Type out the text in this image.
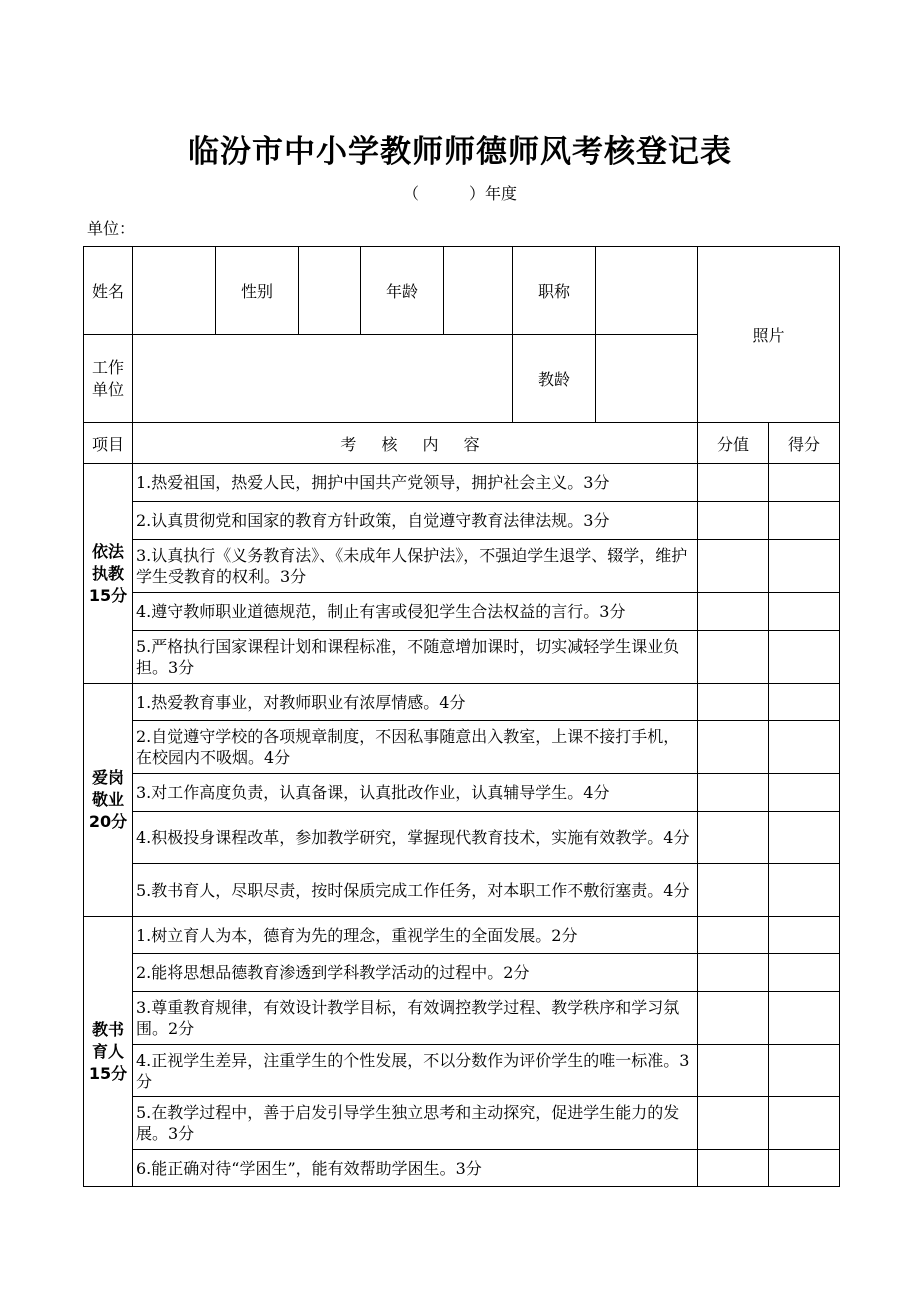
临汾市中小学教师师德师风考核登记表
（	）年度
单位：
姓名		性别		年龄		职称		照片	
工作
单位						教龄			
项目	考 核 内 容							分值	得分
依法
执教
15分	1.热爱祖国，热爱人民，拥护中国共产党领导，拥护社会主义。3分								
	2.认真贯彻党和国家的教育方针政策，自觉遵守教育法律法规。3分								
	3.认真执行《义务教育法》、《未成年人保护法》，不强迫学生退学、辍学，维护学生受教育的权利。3分								
	4.遵守教师职业道德规范，制止有害或侵犯学生合法权益的言行。3分								
	5.严格执行国家课程计划和课程标准，不随意增加课时，切实减轻学生课业负担。3分								
爱岗
敬业
20分	1.热爱教育事业，对教师职业有浓厚情感。4分								
	2.自觉遵守学校的各项规章制度，不因私事随意出入教室，上课不接打手机，在校园内不吸烟。4分								
	3.对工作高度负责，认真备课，认真批改作业，认真辅导学生。4分								
	4.积极投身课程改革，参加教学研究，掌握现代教育技术，实施有效教学。4分								
	5.教书育人，尽职尽责，按时保质完成工作任务，对本职工作不敷衍塞责。4分								
教书
育人
15分	1.树立育人为本，德育为先的理念，重视学生的全面发展。2分								
	2.能将思想品德教育渗透到学科教学活动的过程中。2分								
	3.尊重教育规律，有效设计教学目标，有效调控教学过程、教学秩序和学习氛围。2分								
	4.正视学生差异，注重学生的个性发展，不以分数作为评价学生的唯一标准。3分								
	5.在教学过程中，善于启发引导学生独立思考和主动探究，促进学生能力的发展。3分								
	6.能正确对待“学困生”，能有效帮助学困生。3分								
